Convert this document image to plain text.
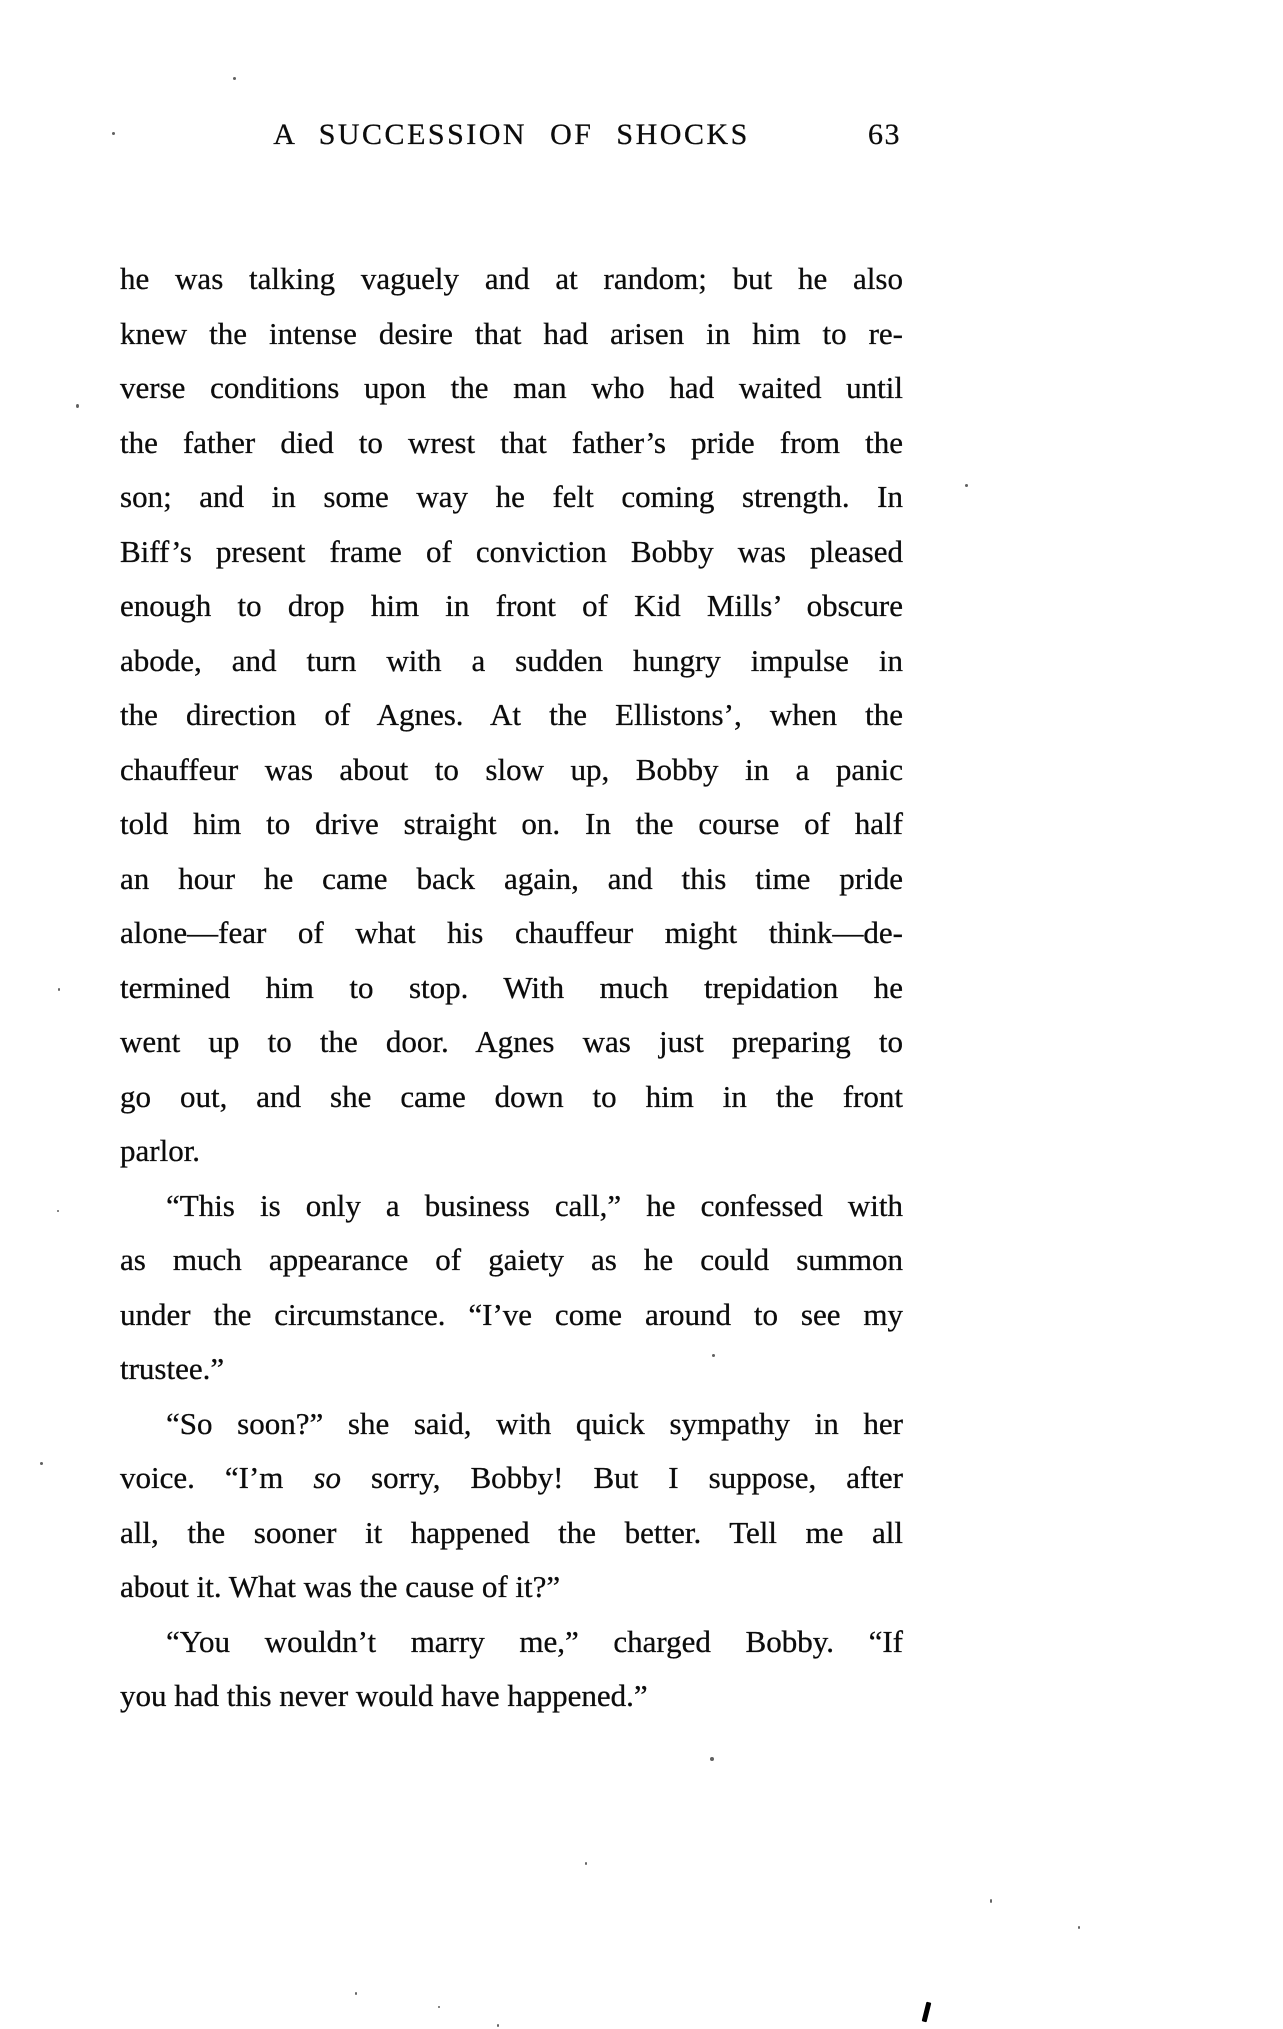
A SUCCESSION OF SHOCKS	63
he was talking vaguely and at random; but he also
knew the intense desire that had arisen in him to re-
verse conditions upon the man who had waited until
the father died to wrest that father’s pride from the
son; and in some way he felt coming strength. In
Biff’s present frame of conviction Bobby was pleased
enough to drop him in front of Kid Mills’ obscure
abode, and turn with a sudden hungry impulse in
the direction of Agnes. At the Ellistons’, when the
chauffeur was about to slow up, Bobby in a panic
told him to drive straight on. In the course of half
an hour he came back again, and this time pride
alone—fear of what his chauffeur might think—de-
termined him to stop. With much trepidation he
went up to the door. Agnes was just preparing to
go out, and she came down to him in the front
parlor.
“This is only a business call,” he confessed with
as much appearance of gaiety as he could summon
under the circumstance. “I’ve come around to see my
trustee.”
“So soon?” she said, with quick sympathy in her
voice. “I’m so sorry, Bobby! But I suppose, after
all, the sooner it happened the better. Tell me all
about it. What was the cause of it?”
“You wouldn’t marry me,” charged Bobby. “If
you had this never would have happened.”
